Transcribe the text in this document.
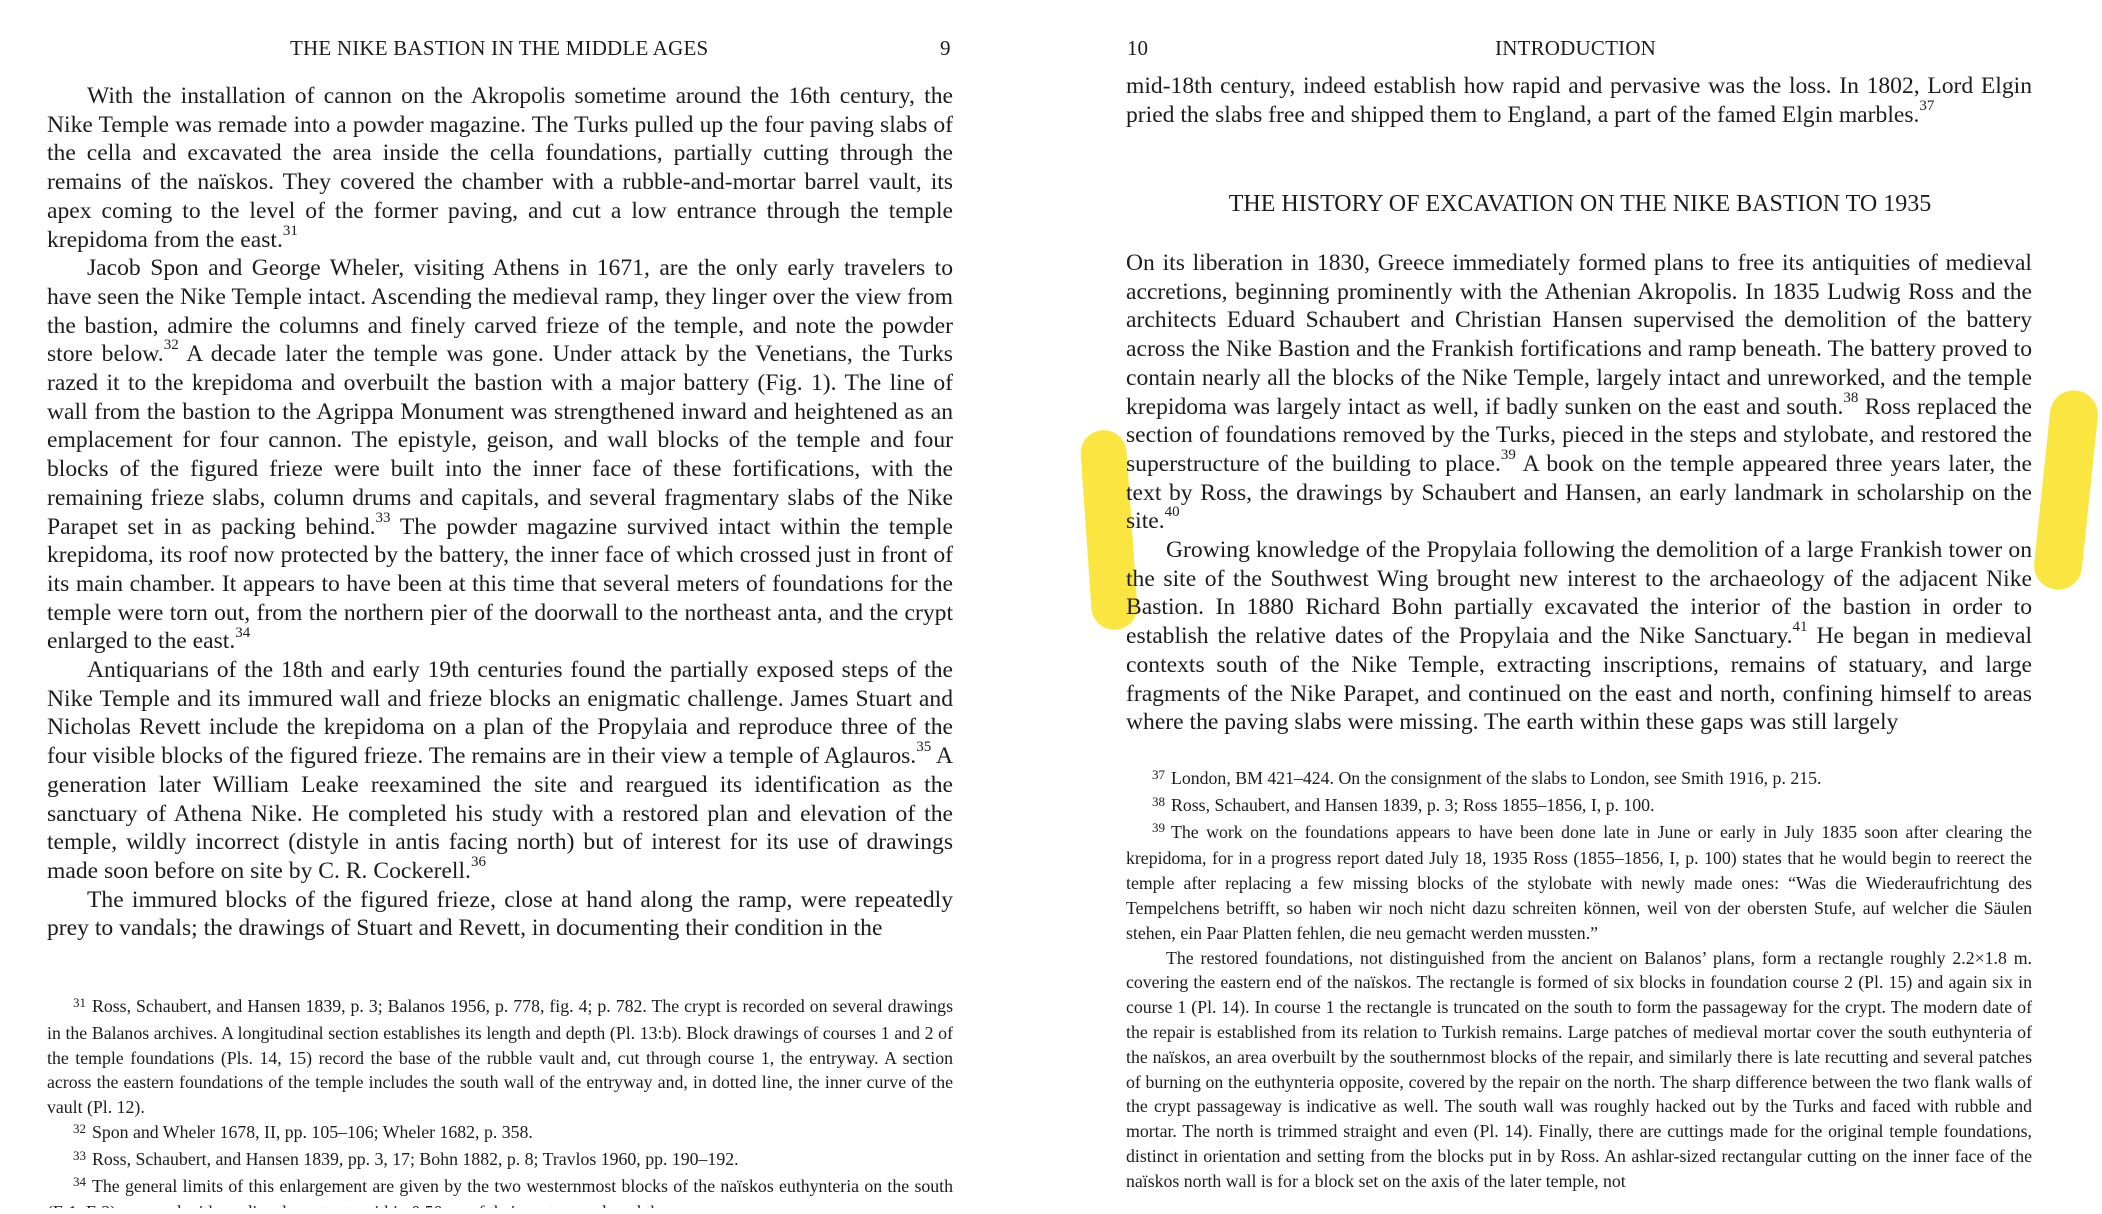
THE NIKE BASTION IN THE MIDDLE AGES	9

With the installation of cannon on the Akropolis sometime around the 16th century, the Nike Temple was remade into a powder magazine. The Turks pulled up the four paving slabs of the cella and excavated the area inside the cella foundations, partially cutting through the remains of the naïskos. They covered the chamber with a rubble-and-mortar barrel vault, its apex coming to the level of the former paving, and cut a low entrance through the temple krepidoma from the east.$^{31}$

Jacob Spon and George Wheler, visiting Athens in 1671, are the only early travelers to have seen the Nike Temple intact. Ascending the medieval ramp, they linger over the view from the bastion, admire the columns and finely carved frieze of the temple, and note the powder store below.$^{32}$ A decade later the temple was gone. Under attack by the Venetians, the Turks razed it to the krepidoma and overbuilt the bastion with a major battery (Fig. 1). The line of wall from the bastion to the Agrippa Monument was strengthened inward and heightened as an emplacement for four cannon. The epistyle, geison, and wall blocks of the temple and four blocks of the figured frieze were built into the inner face of these fortifications, with the remaining frieze slabs, column drums and capitals, and several fragmentary slabs of the Nike Parapet set in as packing behind.$^{33}$ The powder magazine survived intact within the temple krepidoma, its roof now protected by the battery, the inner face of which crossed just in front of its main chamber. It appears to have been at this time that several meters of foundations for the temple were torn out, from the northern pier of the doorwall to the northeast anta, and the crypt enlarged to the east.$^{34}$

Antiquarians of the 18th and early 19th centuries found the partially exposed steps of the Nike Temple and its immured wall and frieze blocks an enigmatic challenge. James Stuart and Nicholas Revett include the krepidoma on a plan of the Propylaia and reproduce three of the four visible blocks of the figured frieze. The remains are in their view a temple of Aglauros.$^{35}$ A generation later William Leake reexamined the site and reargued its identification as the sanctuary of Athena Nike. He completed his study with a restored plan and elevation of the temple, wildly incorrect (distyle in antis facing north) but of interest for its use of drawings made soon before on site by C. R. Cockerell.$^{36}$

The immured blocks of the figured frieze, close at hand along the ramp, were repeatedly prey to vandals; the drawings of Stuart and Revett, in documenting their condition in the

$^{31}$ Ross, Schaubert, and Hansen 1839, p. 3; Balanos 1956, p. 778, fig. 4; p. 782. The crypt is recorded on several drawings in the Balanos archives. A longitudinal section establishes its length and depth (Pl. 13:b). Block drawings of courses 1 and 2 of the temple foundations (Pls. 14, 15) record the base of the rubble vault and, cut through course 1, the entryway. A section across the eastern foundations of the temple includes the south wall of the entryway and, in dotted line, the inner curve of the vault (Pl. 12).

$^{32}$ Spon and Wheler 1678, II, pp. 105–106; Wheler 1682, p. 358.

$^{33}$ Ross, Schaubert, and Hansen 1839, pp. 3, 17; Bohn 1882, p. 8; Travlos 1960, pp. 190–192.

$^{34}$ The general limits of this enlargement are given by the two westernmost blocks of the naïskos euthynteria on the south

10	INTRODUCTION

mid-18th century, indeed establish how rapid and pervasive was the loss. In 1802, Lord Elgin pried the slabs free and shipped them to England, a part of the famed Elgin marbles.$^{37}$

THE HISTORY OF EXCAVATION ON THE NIKE BASTION TO 1935

On its liberation in 1830, Greece immediately formed plans to free its antiquities of medieval accretions, beginning prominently with the Athenian Akropolis. In 1835 Ludwig Ross and the architects Eduard Schaubert and Christian Hansen supervised the demolition of the battery across the Nike Bastion and the Frankish fortifications and ramp beneath. The battery proved to contain nearly all the blocks of the Nike Temple, largely intact and unreworked, and the temple krepidoma was largely intact as well, if badly sunken on the east and south.$^{38}$ Ross replaced the section of foundations removed by the Turks, pieced in the steps and stylobate, and restored the superstructure of the building to place.$^{39}$ A book on the temple appeared three years later, the text by Ross, the drawings by Schaubert and Hansen, an early landmark in scholarship on the site.$^{40}$

Growing knowledge of the Propylaia following the demolition of a large Frankish tower on the site of the Southwest Wing brought new interest to the archaeology of the adjacent Nike Bastion. In 1880 Richard Bohn partially excavated the interior of the bastion in order to establish the relative dates of the Propylaia and the Nike Sanctuary.$^{41}$ He began in medieval contexts south of the Nike Temple, extracting inscriptions, remains of statuary, and large fragments of the Nike Parapet, and continued on the east and north, confining himself to areas where the paving slabs were missing. The earth within these gaps was still largely

$^{37}$ London, BM 421–424. On the consignment of the slabs to London, see Smith 1916, p. 215.

$^{38}$ Ross, Schaubert, and Hansen 1839, p. 3; Ross 1855–1856, I, p. 100.

$^{39}$ The work on the foundations appears to have been done late in June or early in July 1835 soon after clearing the krepidoma, for in a progress report dated July 18, 1935 Ross (1855–1856, I, p. 100) states that he would begin to reerect the temple after replacing a few missing blocks of the stylobate with newly made ones: “Was die Wiederaufrichtung des Tempelchens betrifft, so haben wir noch nicht dazu schreiten können, weil von der obersten Stufe, auf welcher die Säulen stehen, ein Paar Platten fehlen, die neu gemacht werden mussten.”

The restored foundations, not distinguished from the ancient on Balanos’ plans, form a rectangle roughly 2.2×1.8 m. covering the eastern end of the naïskos. The rectangle is formed of six blocks in foundation course 2 (Pl. 15) and again six in course 1 (Pl. 14). In course 1 the rectangle is truncated on the south to form the passageway for the crypt. The modern date of the repair is established from its relation to Turkish remains. Large patches of medieval mortar cover the south euthynteria of the naïskos, an area overbuilt by the southernmost blocks of the repair, and similarly there is late recutting and several patches of burning on the euthynteria opposite, covered by the repair on the north. The sharp difference between the two flank walls of the crypt passageway is indicative as well. The south wall was roughly hacked out by the Turks and faced with rubble and mortar. The north is trimmed straight and even (Pl. 14). Finally, there are cuttings made for the original temple foundations, distinct in orientation and setting from the blocks put in by Ross. An ashlar-sized rectangular cutting on the inner face of the naïskos north wall is for a block set on the axis of the later temple, not
